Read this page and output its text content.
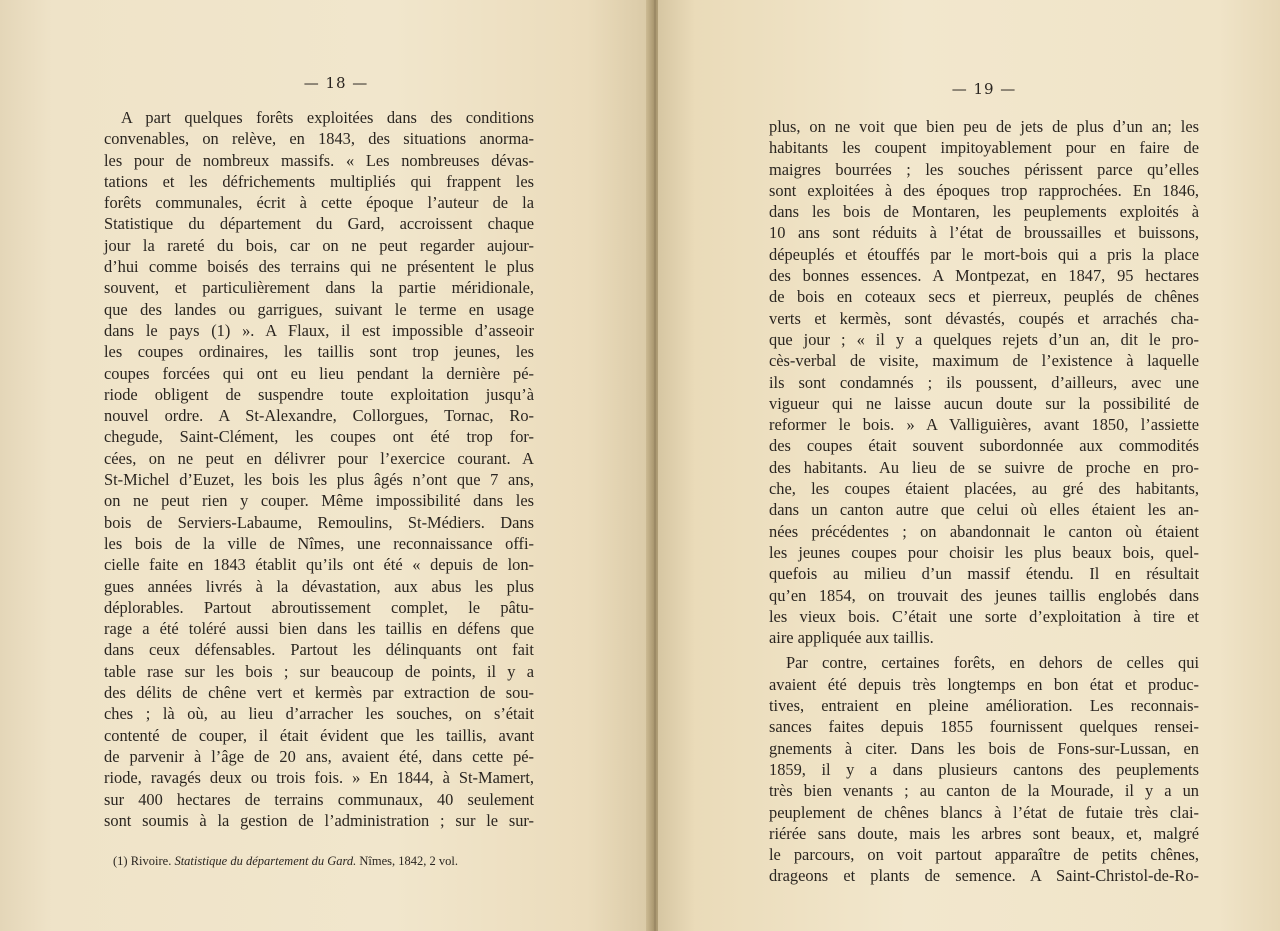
— 18 —
A part quelques forêts exploitées dans des conditions
convenables, on relève, en 1843, des situations anorma-
les pour de nombreux massifs. « Les nombreuses dévas-
tations et les défrichements multipliés qui frappent les
forêts communales, écrit à cette époque l’auteur de la
Statistique du département du Gard, accroissent chaque
jour la rareté du bois, car on ne peut regarder aujour-
d’hui comme boisés des terrains qui ne présentent le plus
souvent, et particulièrement dans la partie méridionale,
que des landes ou garrigues, suivant le terme en usage
dans le pays (1) ». A Flaux, il est impossible d’asseoir
les coupes ordinaires, les taillis sont trop jeunes, les
coupes forcées qui ont eu lieu pendant la dernière pé-
riode obligent de suspendre toute exploitation jusqu’à
nouvel ordre. A St-Alexandre, Collorgues, Tornac, Ro-
chegude, Saint-Clément, les coupes ont été trop for-
cées, on ne peut en délivrer pour l’exercice courant. A
St-Michel d’Euzet, les bois les plus âgés n’ont que 7 ans,
on ne peut rien y couper. Même impossibilité dans les
bois de Serviers-Labaume, Remoulins, St-Médiers. Dans
les bois de la ville de Nîmes, une reconnaissance offi-
cielle faite en 1843 établit qu’ils ont été « depuis de lon-
gues années livrés à la dévastation, aux abus les plus
déplorables. Partout abroutissement complet, le pâtu-
rage a été toléré aussi bien dans les taillis en défens que
dans ceux défensables. Partout les délinquants ont fait
table rase sur les bois ; sur beaucoup de points, il y a
des délits de chêne vert et kermès par extraction de sou-
ches ; là où, au lieu d’arracher les souches, on s’était
contenté de couper, il était évident que les taillis, avant
de parvenir à l’âge de 20 ans, avaient été, dans cette pé-
riode, ravagés deux ou trois fois. » En 1844, à St-Mamert,
sur 400 hectares de terrains communaux, 40 seulement
sont soumis à la gestion de l’administration ; sur le sur-
(1) Rivoire. Statistique du département du Gard. Nîmes, 1842, 2 vol.
— 19 —
plus, on ne voit que bien peu de jets de plus d’un an; les
habitants les coupent impitoyablement pour en faire de
maigres bourrées ; les souches périssent parce qu’elles
sont exploitées à des époques trop rapprochées. En 1846,
dans les bois de Montaren, les peuplements exploités à
10 ans sont réduits à l’état de broussailles et buissons,
dépeuplés et étouffés par le mort-bois qui a pris la place
des bonnes essences. A Montpezat, en 1847, 95 hectares
de bois en coteaux secs et pierreux, peuplés de chênes
verts et kermès, sont dévastés, coupés et arrachés cha-
que jour ; « il y a quelques rejets d’un an, dit le pro-
cès-verbal de visite, maximum de l’existence à laquelle
ils sont condamnés ; ils poussent, d’ailleurs, avec une
vigueur qui ne laisse aucun doute sur la possibilité de
reformer le bois. » A Valliguières, avant 1850, l’assiette
des coupes était souvent subordonnée aux commodités
des habitants. Au lieu de se suivre de proche en pro-
che, les coupes étaient placées, au gré des habitants,
dans un canton autre que celui où elles étaient les an-
nées précédentes ; on abandonnait le canton où étaient
les jeunes coupes pour choisir les plus beaux bois, quel-
quefois au milieu d’un massif étendu. Il en résultait
qu’en 1854, on trouvait des jeunes taillis englobés dans
les vieux bois. C’était une sorte d’exploitation à tire et
aire appliquée aux taillis.
Par contre, certaines forêts, en dehors de celles qui
avaient été depuis très longtemps en bon état et produc-
tives, entraient en pleine amélioration. Les reconnais-
sances faites depuis 1855 fournissent quelques rensei-
gnements à citer. Dans les bois de Fons-sur-Lussan, en
1859, il y a dans plusieurs cantons des peuplements
très bien venants ; au canton de la Mourade, il y a un
peuplement de chênes blancs à l’état de futaie très clai-
riérée sans doute, mais les arbres sont beaux, et, malgré
le parcours, on voit partout apparaître de petits chênes,
drageons et plants de semence. A Saint-Christol-de-Ro-
